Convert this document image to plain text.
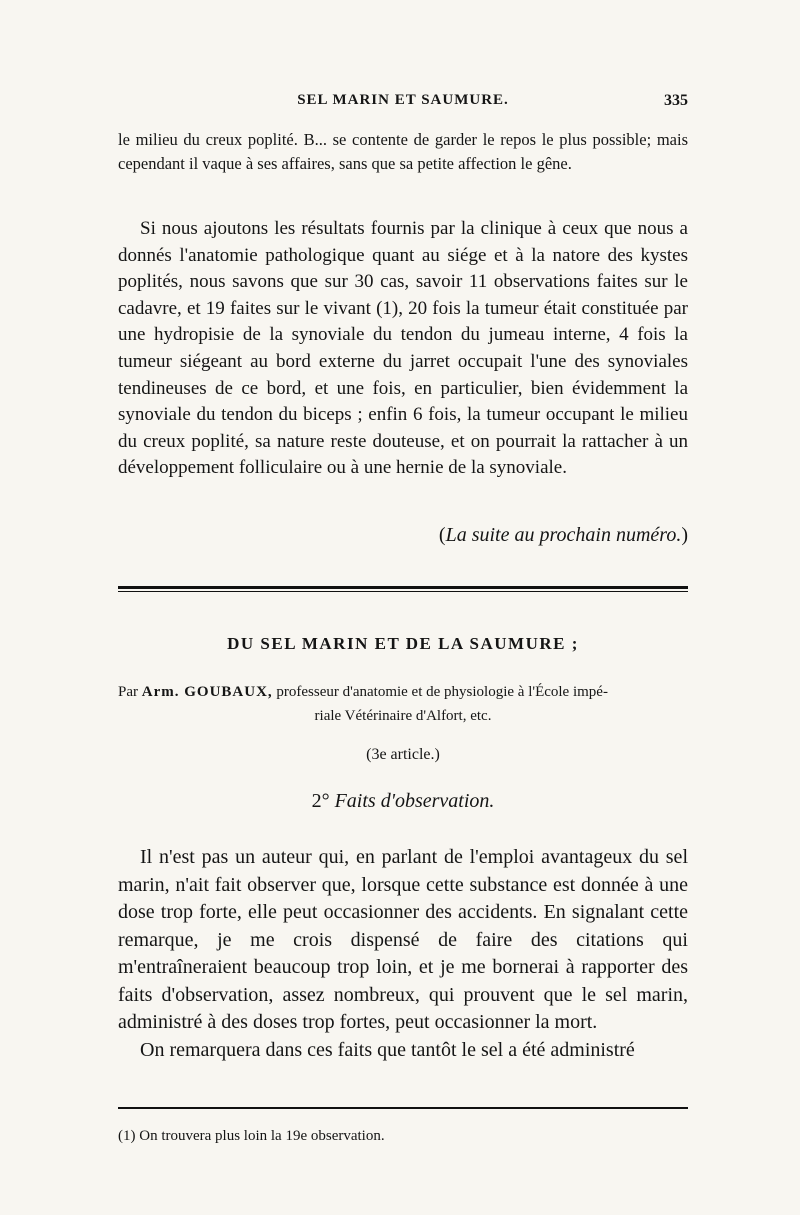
SEL MARIN ET SAUMURE.	335

le milieu du creux poplité. B... se contente de garder le repos le plus possible; mais cependant il vaque à ses affaires, sans que sa petite affection le gêne.

Si nous ajoutons les résultats fournis par la clinique à ceux que nous a donnés l'anatomie pathologique quant au siége et à la natore des kystes poplités, nous savons que sur 30 cas, savoir 11 observations faites sur le cadavre, et 19 faites sur le vivant (1), 20 fois la tumeur était constituée par une hydropisie de la synoviale du tendon du jumeau interne, 4 fois la tumeur siégeant au bord externe du jarret occupait l'une des synoviales tendineuses de ce bord, et une fois, en particulier, bien évidemment la synoviale du tendon du biceps ; enfin 6 fois, la tumeur occupant le milieu du creux poplité, sa nature reste douteuse, et on pourrait la rattacher à un développement folliculaire ou à une hernie de la synoviale.

(La suite au prochain numéro.)
DU SEL MARIN ET DE LA SAUMURE ;
Par Arm. GOUBAUX, professeur d'anatomie et de physiologie à l'École impé-
riale Vétérinaire d'Alfort, etc.
(3e article.)
2° Faits d'observation.

Il n'est pas un auteur qui, en parlant de l'emploi avantageux du sel marin, n'ait fait observer que, lorsque cette substance est donnée à une dose trop forte, elle peut occasionner des accidents. En signalant cette remarque, je me crois dispensé de faire des citations qui m'entraîneraient beaucoup trop loin, et je me bornerai à rapporter des faits d'observation, assez nombreux, qui prouvent que le sel marin, administré à des doses trop fortes, peut occasionner la mort.

On remarquera dans ces faits que tantôt le sel a été administré

(1) On trouvera plus loin la 19e observation.
